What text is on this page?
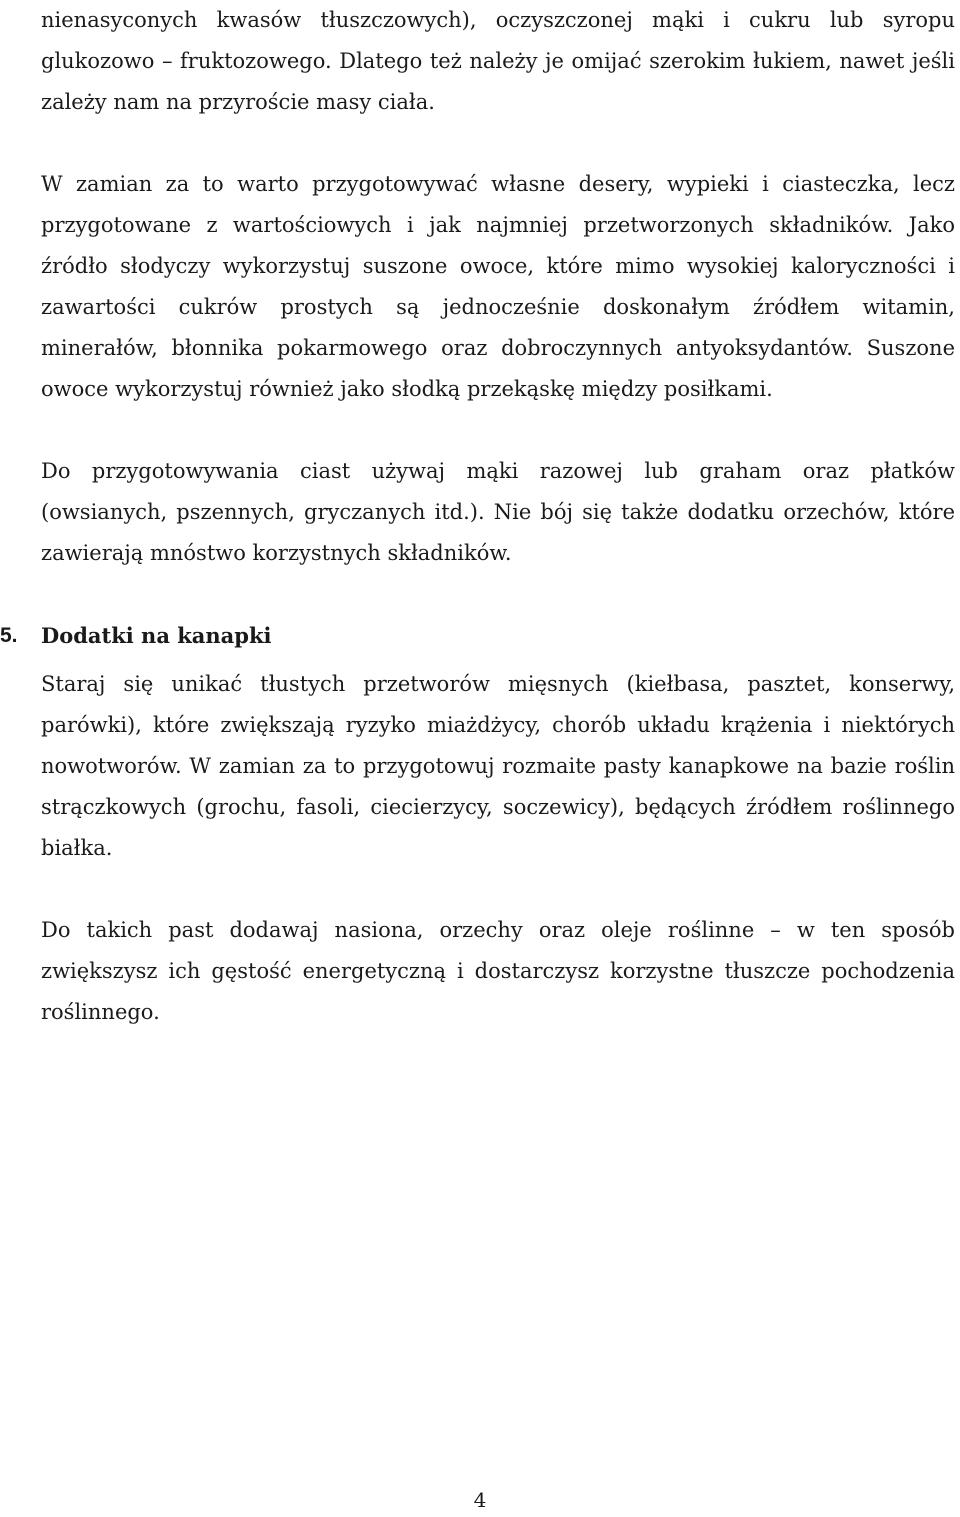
nienasyconych kwasów tłuszczowych), oczyszczonej mąki i cukru lub syropu glukozowo – fruktozowego. Dlatego też należy je omijać szerokim łukiem, nawet jeśli zależy nam na przyroście masy ciała.

W zamian za to warto przygotowywać własne desery, wypieki i ciasteczka, lecz przygotowane z wartościowych i jak najmniej przetworzonych składników. Jako źródło słodyczy wykorzystuj suszone owoce, które mimo wysokiej kaloryczności i zawartości cukrów prostych są jednocześnie doskonałym źródłem witamin, minerałów, błonnika pokarmowego oraz dobroczynnych antyoksydantów. Suszone owoce wykorzystuj również jako słodką przekąskę między posiłkami.

Do przygotowywania ciast używaj mąki razowej lub graham oraz płatków (owsianych, pszennych, gryczanych itd.). Nie bój się także dodatku orzechów, które zawierają mnóstwo korzystnych składników.

5.	Dodatki na kanapki

Staraj się unikać tłustych przetworów mięsnych (kiełbasa, pasztet, konserwy, parówki), które zwiększają ryzyko miażdżycy, chorób układu krążenia i niektórych nowotworów. W zamian za to przygotowuj rozmaite pasty kanapkowe na bazie roślin strączkowych (grochu, fasoli, ciecierzycy, soczewicy), będących źródłem roślinnego białka.

Do takich past dodawaj nasiona, orzechy oraz oleje roślinne – w ten sposób zwiększysz ich gęstość energetyczną i dostarczysz korzystne tłuszcze pochodzenia roślinnego.

4
